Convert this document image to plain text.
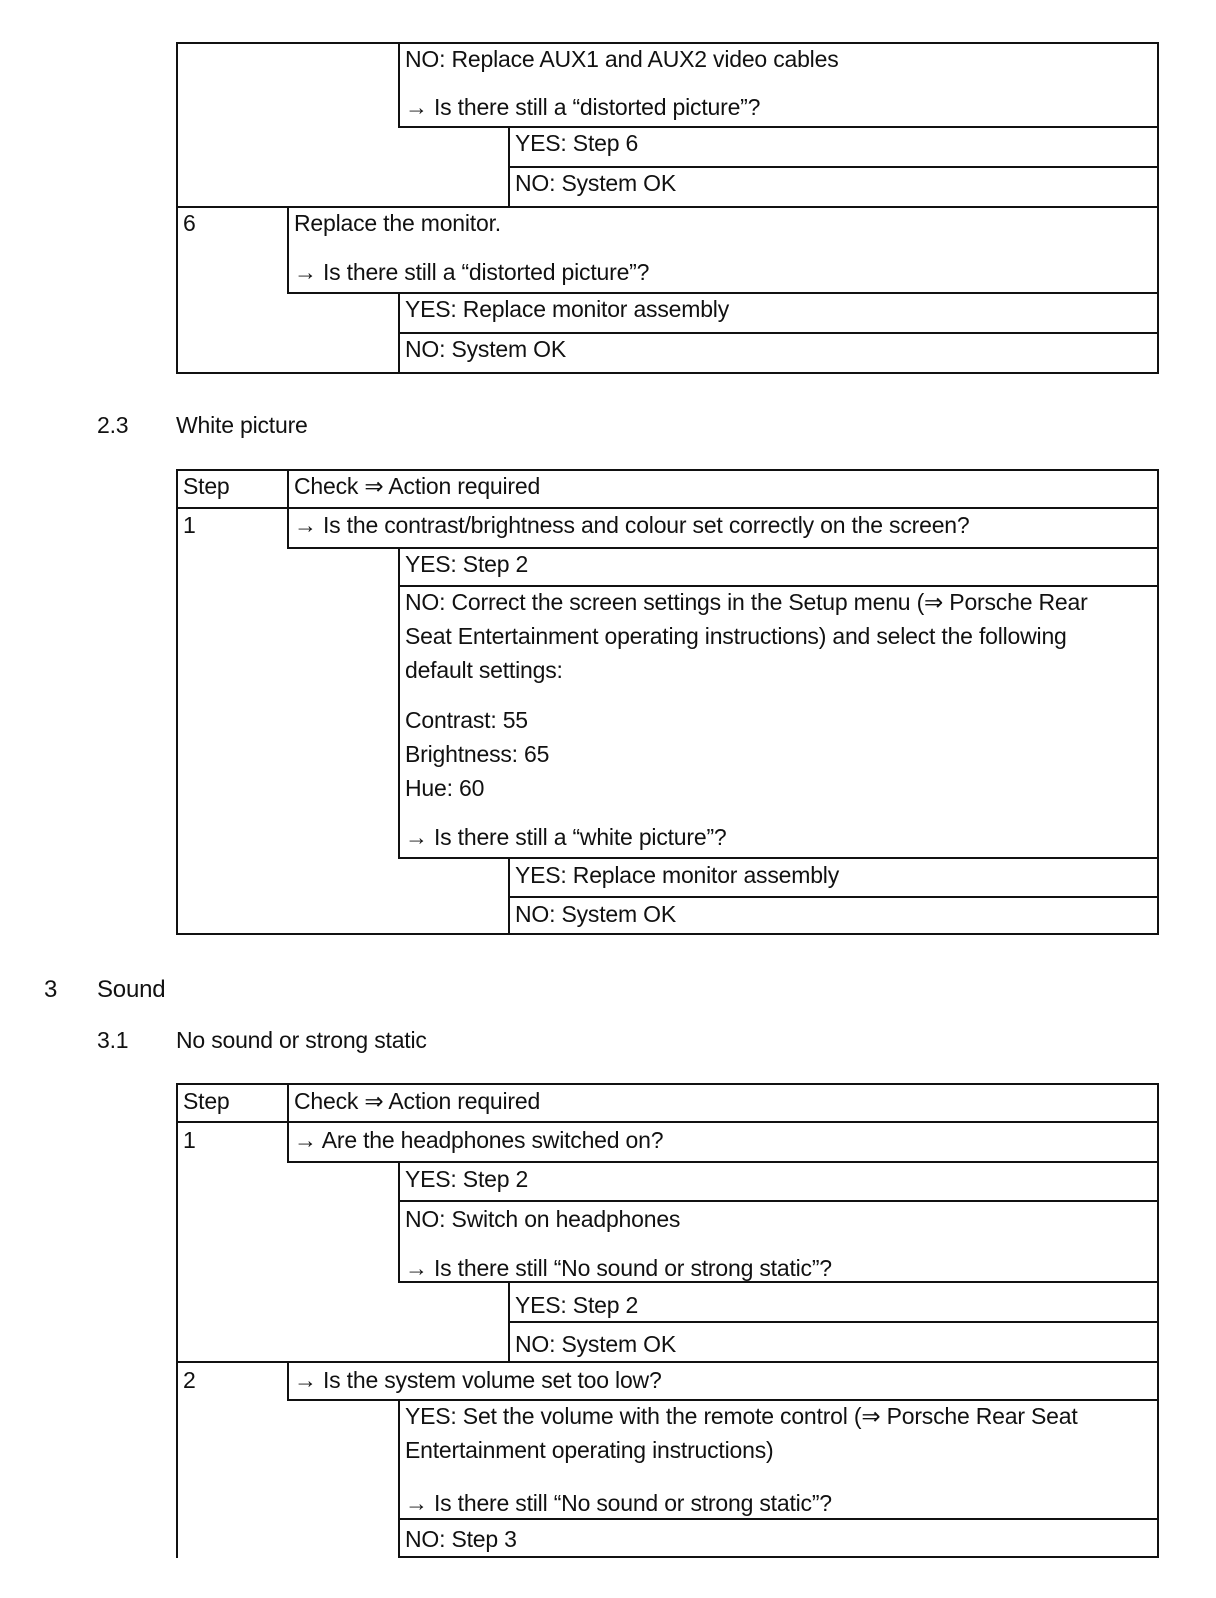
NO: Replace AUX1 and AUX2 video cables
→ Is there still a “distorted picture”?
YES: Step 6
NO: System OK
6	Replace the monitor.
→ Is there still a “distorted picture”?
YES: Replace monitor assembly
NO: System OK
2.3 White picture
Step	Check ⇒ Action required
1	→ Is the contrast/brightness and colour set correctly on the screen?
YES: Step 2
NO: Correct the screen settings in the Setup menu (⇒ Porsche Rear
Seat Entertainment operating instructions) and select the following
default settings:
Contrast: 55
Brightness: 65
Hue: 60
→ Is there still a “white picture”?
YES: Replace monitor assembly
NO: System OK
3 Sound
3.1 No sound or strong static
Step	Check ⇒ Action required
1	→ Are the headphones switched on?
YES: Step 2
NO: Switch on headphones
→ Is there still “No sound or strong static”?
YES: Step 2
NO: System OK
2	→ Is the system volume set too low?
YES: Set the volume with the remote control (⇒ Porsche Rear Seat
Entertainment operating instructions)
→ Is there still “No sound or strong static”?
NO: Step 3
